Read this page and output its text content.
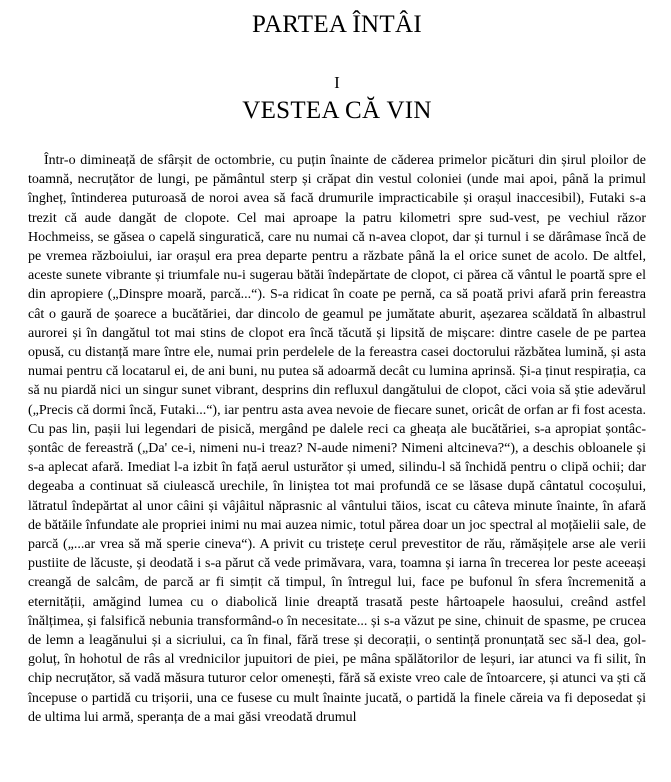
PARTEA ÎNTÂI
I
VESTEA CĂ VIN

Într-o dimineață de sfârșit de octombrie, cu puțin înainte de căderea primelor picături din șirul ploilor de toamnă, necruțător de lungi, pe pământul sterp și crăpat din vestul coloniei (unde mai apoi, până la primul îngheț, întinderea puturoasă de noroi avea să facă drumurile impracticabile și orașul inaccesibil), Futaki s-a trezit că aude dangăt de clopote. Cel mai aproape la patru kilometri spre sud-vest, pe vechiul răzor Hochmeiss, se găsea o capelă singuratică, care nu numai că n-avea clopot, dar și turnul i se dărâmase încă de pe vremea războiului, iar orașul era prea departe pentru a răzbate până la el orice sunet de acolo. De altfel, aceste sunete vibrante și triumfale nu-i sugerau bătăi îndepărtate de clopot, ci părea că vântul le poartă spre el din apropiere („Dinspre moară, parcă...“). S-a ridicat în coate pe pernă, ca să poată privi afară prin fereastra cât o gaură de șoarece a bucătăriei, dar dincolo de geamul pe jumătate aburit, așezarea scăldată în albastrul aurorei și în dangătul tot mai stins de clopot era încă tăcută și lipsită de mișcare: dintre casele de pe partea opusă, cu distanță mare între ele, numai prin perdelele de la fereastra casei doctorului răzbătea lumină, și asta numai pentru că locatarul ei, de ani buni, nu putea să adoarmă decât cu lumina aprinsă. Și-a ținut respirația, ca să nu piardă nici un singur sunet vibrant, desprins din refluxul dangătului de clopot, căci voia să știe adevărul („Precis că dormi încă, Futaki...“), iar pentru asta avea nevoie de fiecare sunet, oricât de orfan ar fi fost acesta. Cu pas lin, pașii lui legendari de pisică, mergând pe dalele reci ca gheața ale bucătăriei, s-a apropiat șontâc-șontâc de fereastră („Da' ce-i, nimeni nu-i treaz? N-aude nimeni? Nimeni altcineva?“), a deschis obloanele și s-a aplecat afară. Imediat l-a izbit în față aerul usturător și umed, silindu-l să închidă pentru o clipă ochii; dar degeaba a continuat să ciulească urechile, în liniștea tot mai profundă ce se lăsase după cântatul cocoșului, lătratul îndepărtat al unor câini și vâjâitul năprasnic al vântului tăios, iscat cu câteva minute înainte, în afară de bătăile înfundate ale propriei inimi nu mai auzea nimic, totul părea doar un joc spectral al moțăielii sale, de parcă („...ar vrea să mă sperie cineva“). A privit cu tristețe cerul prevestitor de rău, rămășițele arse ale verii pustiite de lăcuste, și deodată i s-a părut că vede primăvara, vara, toamna și iarna în trecerea lor peste aceeași creangă de salcâm, de parcă ar fi simțit că timpul, în întregul lui, face pe bufonul în sfera încremenită a eternității, amăgind lumea cu o diabolică linie dreaptă trasată peste hârtoapele haosului, creând astfel înălțimea, și falsifică nebunia transformând-o în necesitate... și s-a văzut pe sine, chinuit de spasme, pe crucea de lemn a leagănului și a sicriului, ca în final, fără trese și decorații, o sentință pronunțată sec să-l dea, gol-goluț, în hohotul de râs al vrednicilor jupuitori de piei, pe mâna spălătorilor de leșuri, iar atunci va fi silit, în chip necruțător, să vadă măsura tuturor celor omenești, fără să existe vreo cale de întoarcere, și atunci va ști că începuse o partidă cu trișorii, una ce fusese cu mult înainte jucată, o partidă la finele căreia va fi deposedat și de ultima lui armă, speranța de a mai găsi vreodată drumul
